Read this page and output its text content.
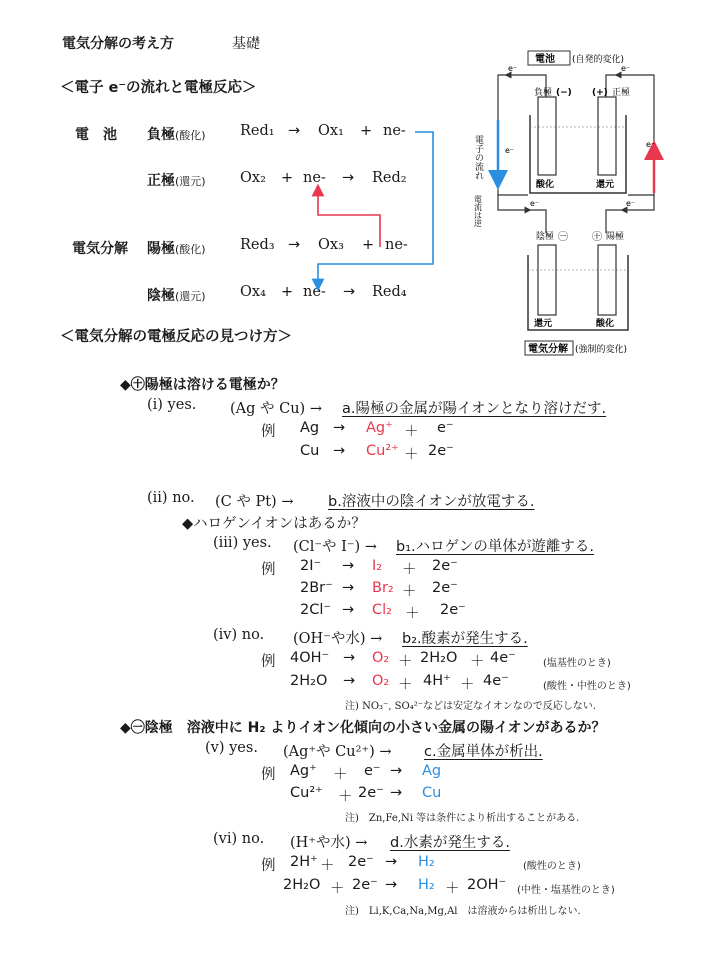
電気分解の考え方	基礎
＜電子 e⁻の流れと電極反応＞
電　池
電気分解
負極(酸化) Red₁ → Ox₁ + ne-
正極(還元) Ox₂ + ne- → Red₂
陽極(酸化) Red₃ → Ox₃ + ne-
陰極(還元) Ox₄ + ne- → Red₄
電池 (自発的変化)
e⁻	e⁻
負極 (−) (+) 正極
酸化	還元
電子の流れ
電流は逆
e⁻
e⁻
e⁻	e⁻
陰極 ㊀ ㊉ 陽極
還元	酸化
電気分解 (強制的変化)
＜電気分解の電極反応の見つけ方＞
◆㊉陽極は溶ける電極か？
(i) yes. (Ag や Cu) → a.陽極の金属が陽イオンとなり溶けだす.
例 Ag → Ag⁺ ＋ e⁻
Cu → Cu²⁺ ＋ 2e⁻
(ii) no. (C や Pt) → b.溶液中の陰イオンが放電する.
◆ハロゲンイオンはあるか？
(iii) yes. (Cl⁻や I⁻) → b₁.ハロゲンの単体が遊離する.
例 2I⁻ → I₂ ＋ 2e⁻
2Br⁻ → Br₂ ＋ 2e⁻
2Cl⁻ → Cl₂ ＋ 2e⁻
(iv) no. (OH⁻や水) → b₂.酸素が発生する.
例 4OH⁻ → O₂ ＋ 2H₂O ＋ 4e⁻	(塩基性のとき)
2H₂O → O₂ ＋ 4H⁺ ＋ 4e⁻	(酸性・中性のとき)
注) NO₃⁻, SO₄²⁻などは安定なイオンなので反応しない.
◆㊀陰極　溶液中に H₂ よりイオン化傾向の小さい金属の陽イオンがあるか？
(v) yes. (Ag⁺や Cu²⁺) → c.金属単体が析出.
例 Ag⁺ ＋ e⁻ → Ag
Cu²⁺ ＋ 2e⁻ → Cu
注)　Zn,Fe,Ni 等は条件により析出することがある.
(vi) no. (H⁺や水) → d.水素が発生する.
例 2H⁺ ＋ 2e⁻ → H₂	(酸性のとき)
2H₂O ＋ 2e⁻ → H₂ ＋ 2OH⁻ (中性・塩基性のとき)
注)　Li,K,Ca,Na,Mg,Al　は溶液からは析出しない.
